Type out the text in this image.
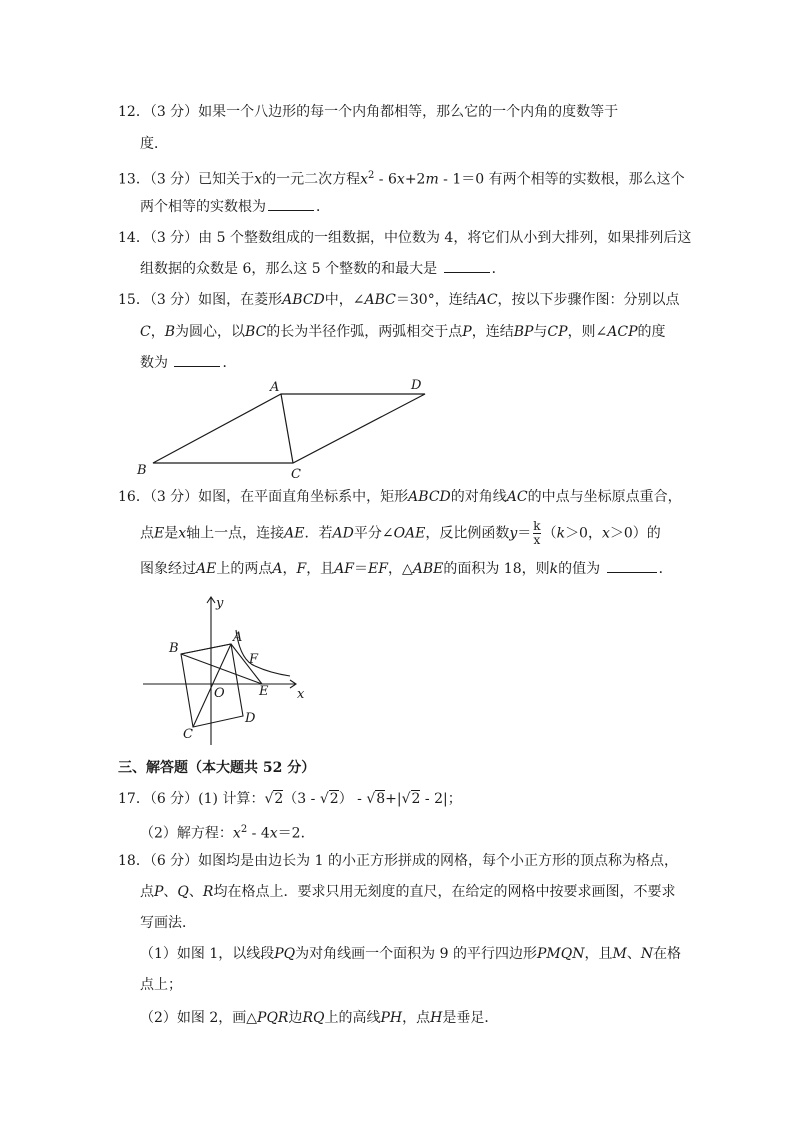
12．（3 分）如果一个八边形的每一个内角都相等，那么它的一个内角的度数等于
度．
13．（3 分）已知关于x的一元二次方程$x^2 - 6x+2m - 1=0$ 有两个相等的实数根，那么这个
两个相等的实数根为	．
14．（3 分）由 5 个整数组成的一组数据，中位数为 4，将它们从小到大排列，如果排列后这
组数据的众数是 6，那么这 5 个整数的和最大是	．
15．（3 分）如图，在菱形ABCD中，∠ABC＝30°，连结AC，按以下步骤作图：分别以点
C，B为圆心，以BC的长为半径作弧，两弧相交于点P，连结BP与CP，则∠ACP的度
数为	．
A	D
B	C
16．（3 分）如图，在平面直角坐标系中，矩形ABCD的对角线AC的中点与坐标原点重合，
点E是x轴上一点，连接AE．若AD平分∠OAE，反比例函数$y= \frac{k}{x} (k>0$，x＞0）的
图象经过AE上的两点A，F，且AF＝EF，△ABE的面积为 18，则k的值为	．
y
x
A
B
C
D
E
F
O
三、解答题（本大题共 52 分）
17．（6 分）(1) 计算：√2（3 - √2） - √8+|√2 - 2|；
（2）解方程：$x^2 - 4x=2$．
18．（6 分）如图均是由边长为 1 的小正方形拼成的网格，每个小正方形的顶点称为格点，
点P、Q、R均在格点上．要求只用无刻度的直尺，在给定的网格中按要求画图，不要求
写画法．
（1）如图 1，以线段PQ为对角线画一个面积为 9 的平行四边形PMQN，且M、N在格
点上；
（2）如图 2，画△PQR边RQ上的高线PH，点H是垂足．
